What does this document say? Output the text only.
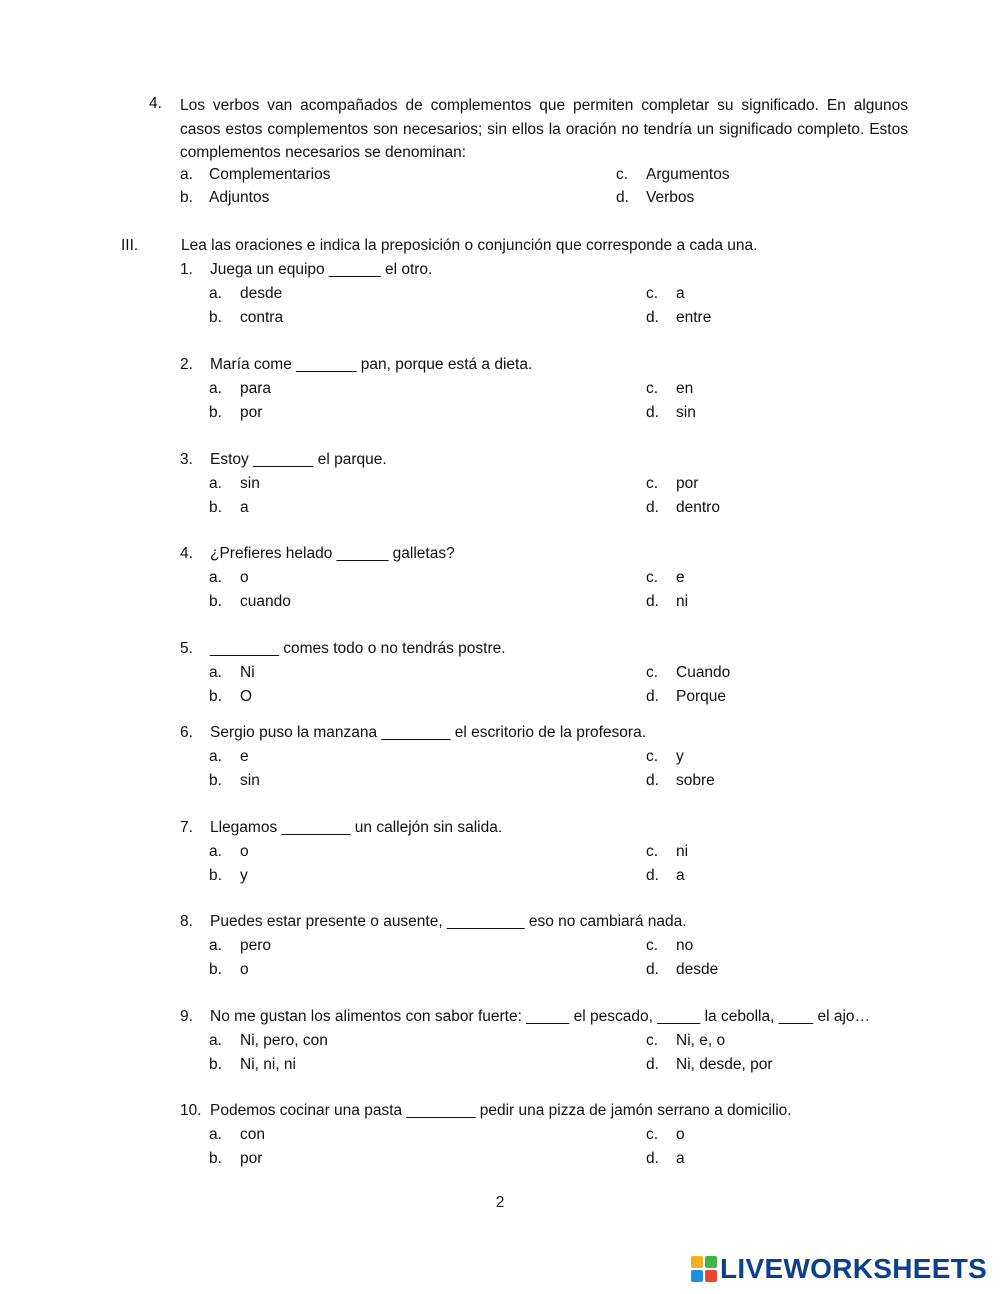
4. Los verbos van acompañados de complementos que permiten completar su significado. En algunos casos estos complementos son necesarios; sin ellos la oración no tendría un significado completo. Estos complementos necesarios se denominan:
a. Complementarios	c. Argumentos
b. Adjuntos	d. Verbos
III.	Lea las oraciones e indica la preposición o conjunción que corresponde a cada una.
1. Juega un equipo ______ el otro.
a. desde	c. a
b. contra	d. entre
2. María come _______ pan, porque está a dieta.
a. para	c. en
b. por	d. sin
3. Estoy _______ el parque.
a. sin	c. por
b. a	d. dentro
4. ¿Prefieres helado ______ galletas?
a. o	c. e
b. cuando	d. ni
5. ________ comes todo o no tendrás postre.
a. Ni	c. Cuando
b. O	d. Porque
6. Sergio puso la manzana ________ el escritorio de la profesora.
a. e	c. y
b. sin	d. sobre
7. Llegamos ________ un callejón sin salida.
a. o	c. ni
b. y	d. a
8. Puedes estar presente o ausente, _________ eso no cambiará nada.
a. pero	c. no
b. o	d. desde
9. No me gustan los alimentos con sabor fuerte: _____ el pescado, _____ la cebolla, ____ el ajo…
a. Ni, pero, con	c. Ni, e, o
b. Ni, ni, ni	d. Ni, desde, por
10. Podemos cocinar una pasta ________ pedir una pizza de jamón serrano a domicilio.
a. con	c. o
b. por	d. a
2
LIVEWORKSHEETS
